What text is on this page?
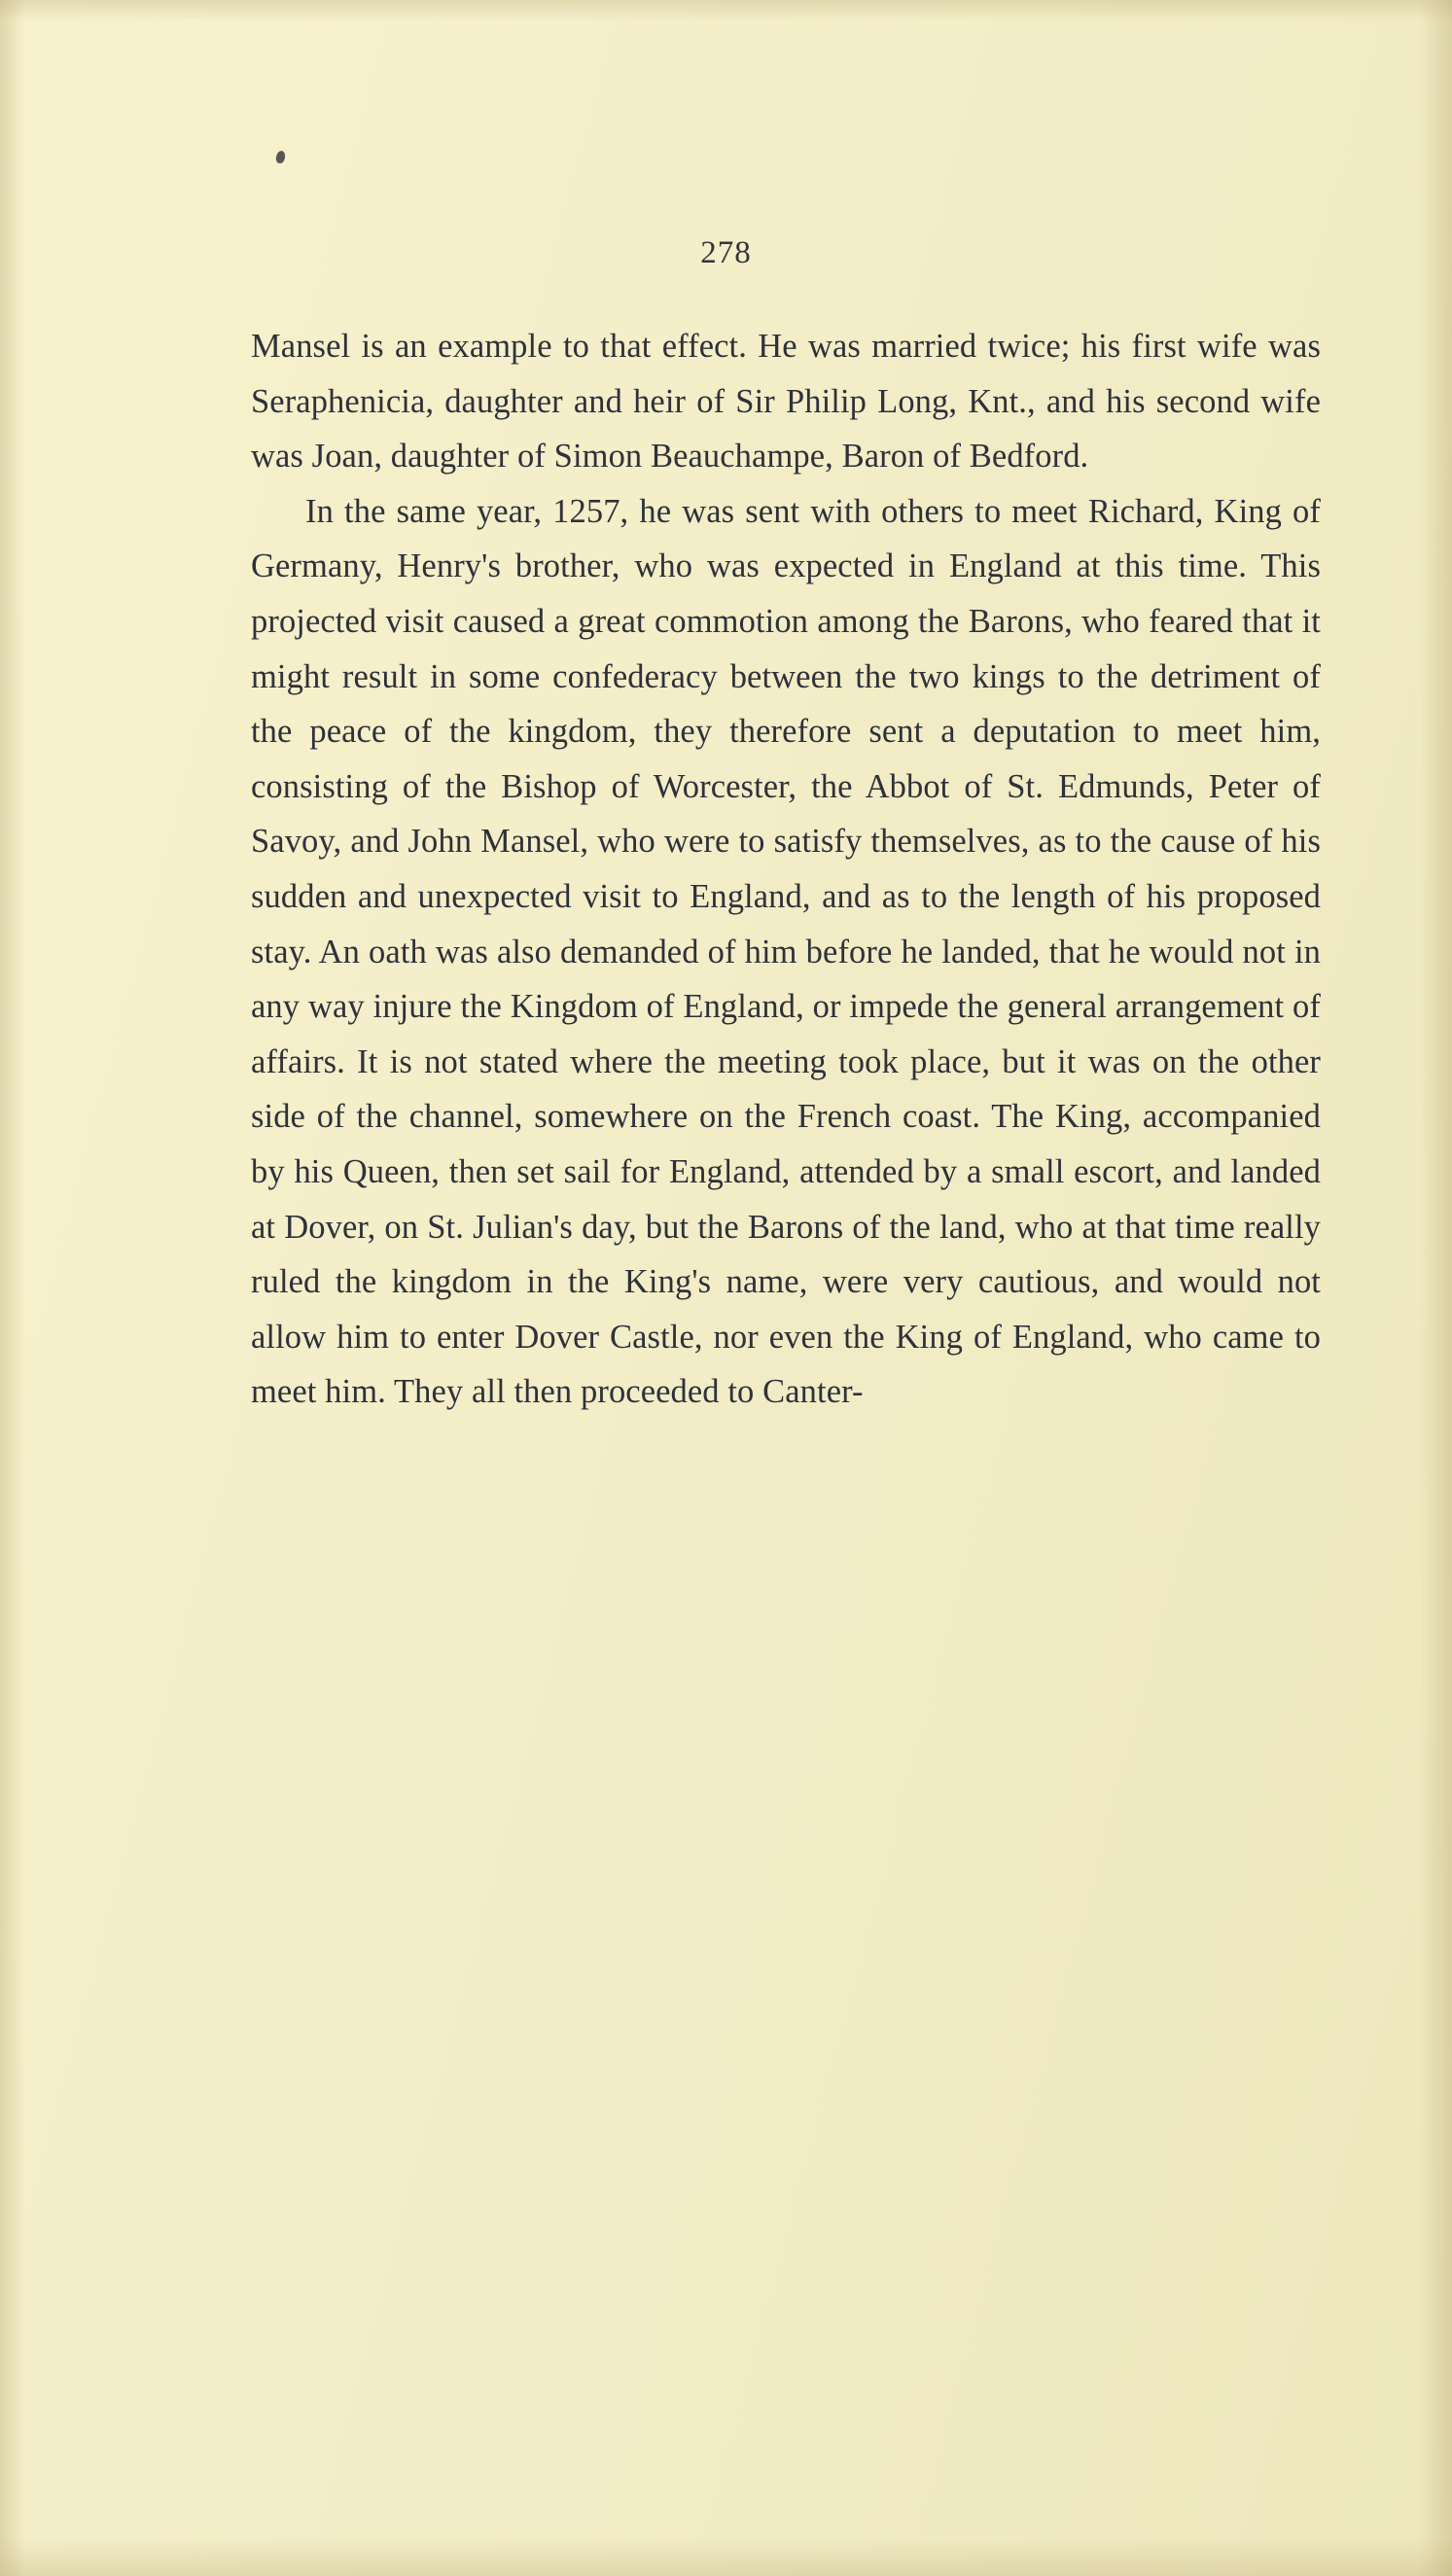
278

Mansel is an example to that effect. He was married twice; his first wife was Seraphenicia, daughter and heir of Sir Philip Long, Knt., and his second wife was Joan, daughter of Simon Beauchampe, Baron of Bedford.

In the same year, 1257, he was sent with others to meet Richard, King of Germany, Henry's brother, who was expected in England at this time. This projected visit caused a great commotion among the Barons, who feared that it might result in some confederacy between the two kings to the detriment of the peace of the kingdom, they therefore sent a deputation to meet him, consisting of the Bishop of Worcester, the Abbot of St. Edmunds, Peter of Savoy, and John Mansel, who were to satisfy themselves, as to the cause of his sudden and unexpected visit to England, and as to the length of his proposed stay. An oath was also demanded of him before he landed, that he would not in any way injure the Kingdom of England, or impede the general arrangement of affairs. It is not stated where the meeting took place, but it was on the other side of the channel, somewhere on the French coast. The King, accompanied by his Queen, then set sail for England, attended by a small escort, and landed at Dover, on St. Julian's day, but the Barons of the land, who at that time really ruled the kingdom in the King's name, were very cautious, and would not allow him to enter Dover Castle, nor even the King of England, who came to meet him. They all then proceeded to Canter-
